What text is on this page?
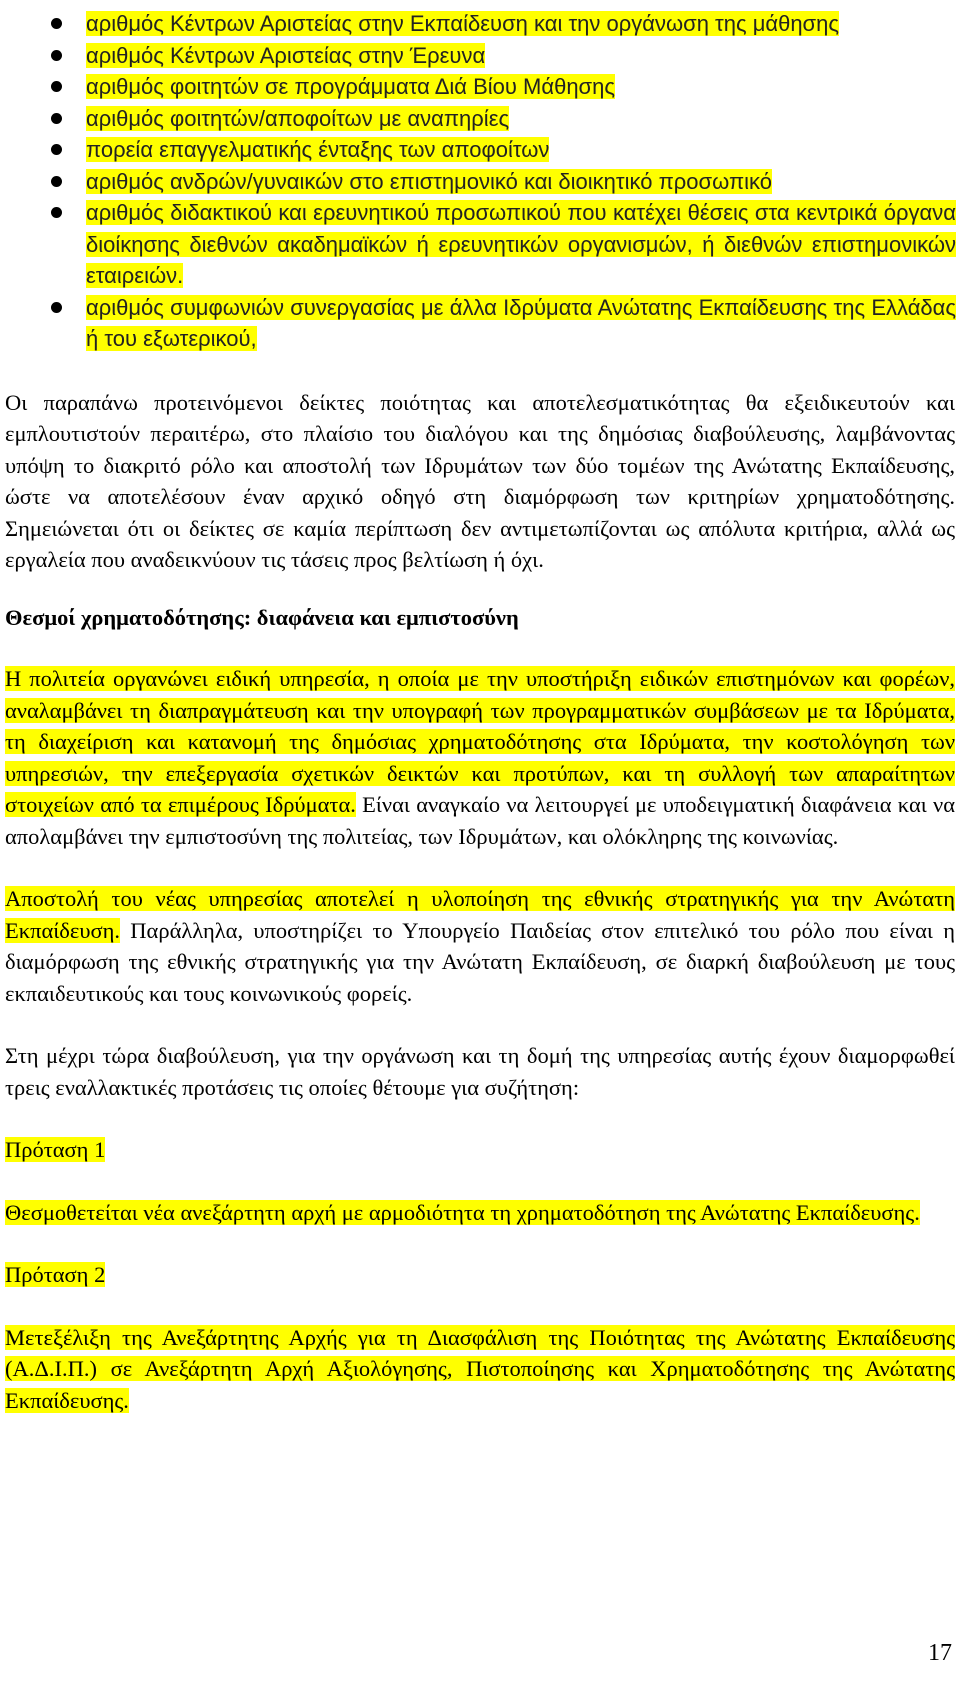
αριθμός Κέντρων Αριστείας στην Εκπαίδευση και την οργάνωση της μάθησης
αριθμός Κέντρων Αριστείας στην Έρευνα
αριθμός φοιτητών σε προγράμματα Διά Βίου Μάθησης
αριθμός φοιτητών/αποφοίτων με αναπηρίες
πορεία επαγγελματικής ένταξης των αποφοίτων
αριθμός ανδρών/γυναικών στο επιστημονικό και διοικητικό προσωπικό
αριθμός διδακτικού και ερευνητικού προσωπικού που κατέχει θέσεις στα κεντρικά όργανα διοίκησης διεθνών ακαδημαϊκών ή ερευνητικών οργανισμών, ή διεθνών επιστημονικών εταιρειών.
αριθμός συμφωνιών συνεργασίας με άλλα Ιδρύματα Ανώτατης Εκπαίδευσης της Ελλάδας ή του εξωτερικού,

Οι παραπάνω προτεινόμενοι δείκτες ποιότητας και αποτελεσματικότητας θα εξειδικευτούν και εμπλουτιστούν περαιτέρω, στο πλαίσιο του διαλόγου και της δημόσιας διαβούλευσης, λαμβάνοντας υπόψη το διακριτό ρόλο και αποστολή των Ιδρυμάτων των δύο τομέων της Ανώτατης Εκπαίδευσης, ώστε να αποτελέσουν έναν αρχικό οδηγό στη διαμόρφωση των κριτηρίων χρηματοδότησης. Σημειώνεται ότι οι δείκτες σε καμία περίπτωση δεν αντιμετωπίζονται ως απόλυτα κριτήρια, αλλά ως εργαλεία που αναδεικνύουν τις τάσεις προς βελτίωση ή όχι.

Θεσμοί χρηματοδότησης: διαφάνεια και εμπιστοσύνη

Η πολιτεία οργανώνει ειδική υπηρεσία, η οποία με την υποστήριξη ειδικών επιστημόνων και φορέων, αναλαμβάνει τη διαπραγμάτευση και την υπογραφή των προγραμματικών συμβάσεων με τα Ιδρύματα, τη διαχείριση και κατανομή της δημόσιας χρηματοδότησης στα Ιδρύματα, την κοστολόγηση των υπηρεσιών, την επεξεργασία σχετικών δεικτών και προτύπων, και τη συλλογή των απαραίτητων στοιχείων από τα επιμέρους Ιδρύματα. Είναι αναγκαίο να λειτουργεί με υποδειγματική διαφάνεια και να απολαμβάνει την εμπιστοσύνη της πολιτείας, των Ιδρυμάτων, και ολόκληρης της κοινωνίας.

Αποστολή του νέας υπηρεσίας αποτελεί η υλοποίηση της εθνικής στρατηγικής για την Ανώτατη Εκπαίδευση. Παράλληλα, υποστηρίζει το Υπουργείο Παιδείας στον επιτελικό του ρόλο που είναι η διαμόρφωση της εθνικής στρατηγικής για την Ανώτατη Εκπαίδευση, σε διαρκή διαβούλευση με τους εκπαιδευτικούς και τους κοινωνικούς φορείς.

Στη μέχρι τώρα διαβούλευση, για την οργάνωση και τη δομή της υπηρεσίας αυτής έχουν διαμορφωθεί τρεις εναλλακτικές προτάσεις τις οποίες θέτουμε για συζήτηση:

Πρόταση 1

Θεσμοθετείται νέα ανεξάρτητη αρχή με αρμοδιότητα τη χρηματοδότηση της Ανώτατης Εκπαίδευσης.

Πρόταση 2

Μετεξέλιξη της Ανεξάρτητης Αρχής για τη Διασφάλιση της Ποιότητας της Ανώτατης Εκπαίδευσης (Α.Δ.Ι.Π.) σε Ανεξάρτητη Αρχή Αξιολόγησης, Πιστοποίησης και Χρηματοδότησης της Ανώτατης Εκπαίδευσης.

17
